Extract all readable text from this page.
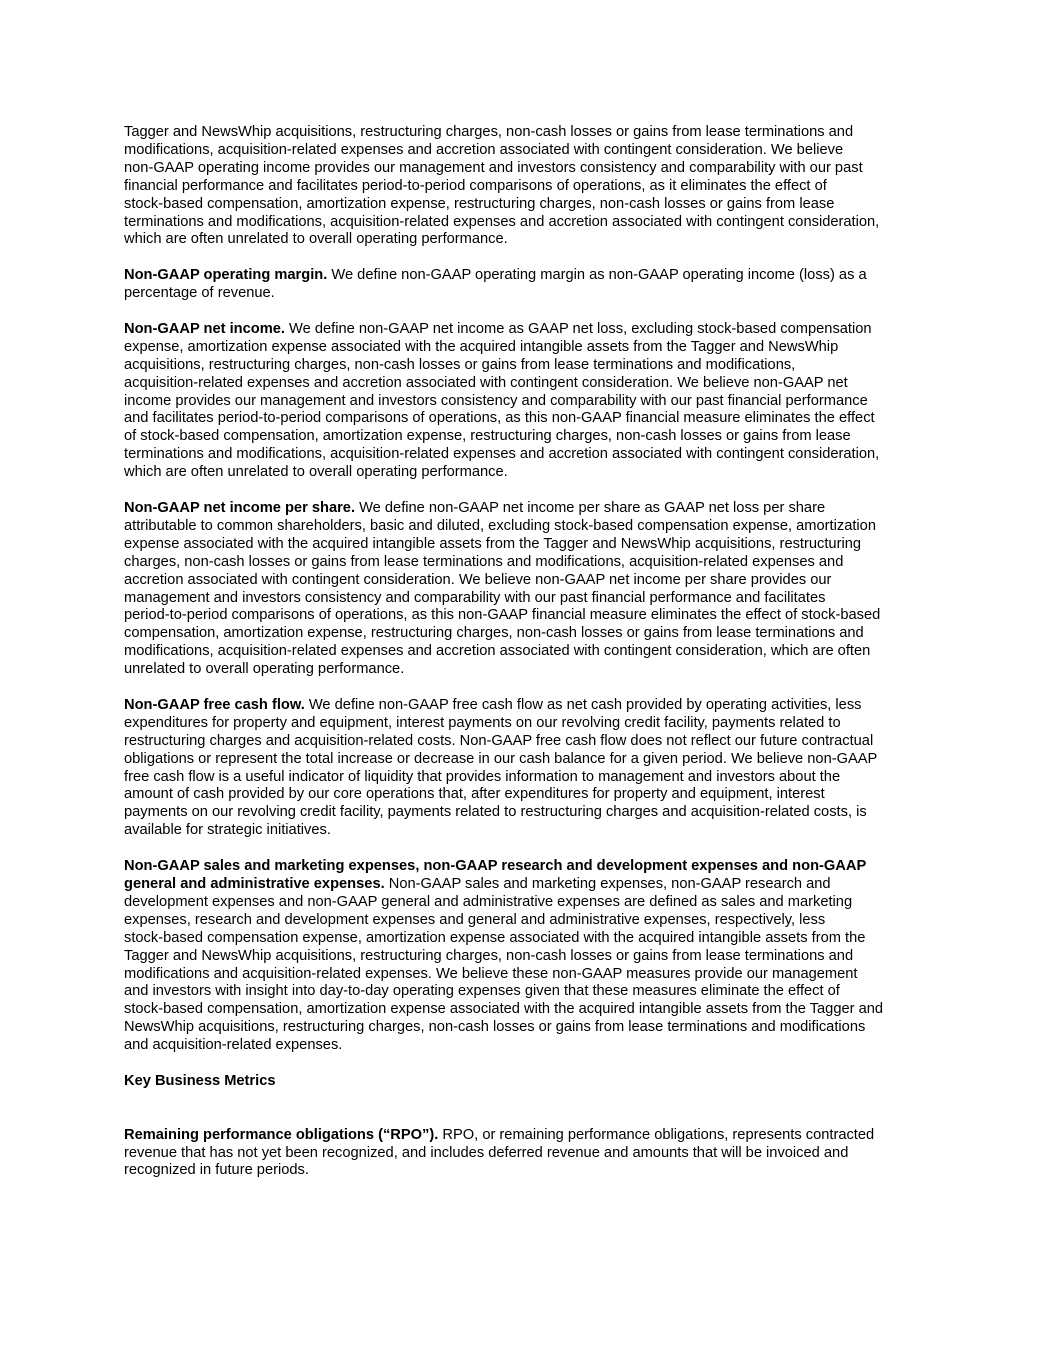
Tagger and NewsWhip acquisitions, restructuring charges, non-cash losses or gains from lease terminations and
modifications, acquisition-related expenses and accretion associated with contingent consideration. We believe
non-GAAP operating income provides our management and investors consistency and comparability with our past
financial performance and facilitates period-to-period comparisons of operations, as it eliminates the effect of
stock-based compensation, amortization expense, restructuring charges, non-cash losses or gains from lease
terminations and modifications, acquisition-related expenses and accretion associated with contingent consideration,
which are often unrelated to overall operating performance.

Non-GAAP operating margin. We define non-GAAP operating margin as non-GAAP operating income (loss) as a
percentage of revenue.

Non-GAAP net income. We define non-GAAP net income as GAAP net loss, excluding stock-based compensation
expense, amortization expense associated with the acquired intangible assets from the Tagger and NewsWhip
acquisitions, restructuring charges, non-cash losses or gains from lease terminations and modifications,
acquisition-related expenses and accretion associated with contingent consideration. We believe non-GAAP net
income provides our management and investors consistency and comparability with our past financial performance
and facilitates period-to-period comparisons of operations, as this non-GAAP financial measure eliminates the effect
of stock-based compensation, amortization expense, restructuring charges, non-cash losses or gains from lease
terminations and modifications, acquisition-related expenses and accretion associated with contingent consideration,
which are often unrelated to overall operating performance.

Non-GAAP net income per share. We define non-GAAP net income per share as GAAP net loss per share
attributable to common shareholders, basic and diluted, excluding stock-based compensation expense, amortization
expense associated with the acquired intangible assets from the Tagger and NewsWhip acquisitions, restructuring
charges, non-cash losses or gains from lease terminations and modifications, acquisition-related expenses and
accretion associated with contingent consideration. We believe non-GAAP net income per share provides our
management and investors consistency and comparability with our past financial performance and facilitates
period-to-period comparisons of operations, as this non-GAAP financial measure eliminates the effect of stock-based
compensation, amortization expense, restructuring charges, non-cash losses or gains from lease terminations and
modifications, acquisition-related expenses and accretion associated with contingent consideration, which are often
unrelated to overall operating performance.

Non-GAAP free cash flow. We define non-GAAP free cash flow as net cash provided by operating activities, less
expenditures for property and equipment, interest payments on our revolving credit facility, payments related to
restructuring charges and acquisition-related costs. Non-GAAP free cash flow does not reflect our future contractual
obligations or represent the total increase or decrease in our cash balance for a given period. We believe non-GAAP
free cash flow is a useful indicator of liquidity that provides information to management and investors about the
amount of cash provided by our core operations that, after expenditures for property and equipment, interest
payments on our revolving credit facility, payments related to restructuring charges and acquisition-related costs, is
available for strategic initiatives.

Non-GAAP sales and marketing expenses, non-GAAP research and development expenses and non-GAAP
general and administrative expenses. Non-GAAP sales and marketing expenses, non-GAAP research and
development expenses and non-GAAP general and administrative expenses are defined as sales and marketing
expenses, research and development expenses and general and administrative expenses, respectively, less
stock-based compensation expense, amortization expense associated with the acquired intangible assets from the
Tagger and NewsWhip acquisitions, restructuring charges, non-cash losses or gains from lease terminations and
modifications and acquisition-related expenses. We believe these non-GAAP measures provide our management
and investors with insight into day-to-day operating expenses given that these measures eliminate the effect of
stock-based compensation, amortization expense associated with the acquired intangible assets from the Tagger and
NewsWhip acquisitions, restructuring charges, non-cash losses or gains from lease terminations and modifications
and acquisition-related expenses.

Key Business Metrics

Remaining performance obligations (“RPO”). RPO, or remaining performance obligations, represents contracted
revenue that has not yet been recognized, and includes deferred revenue and amounts that will be invoiced and
recognized in future periods.
